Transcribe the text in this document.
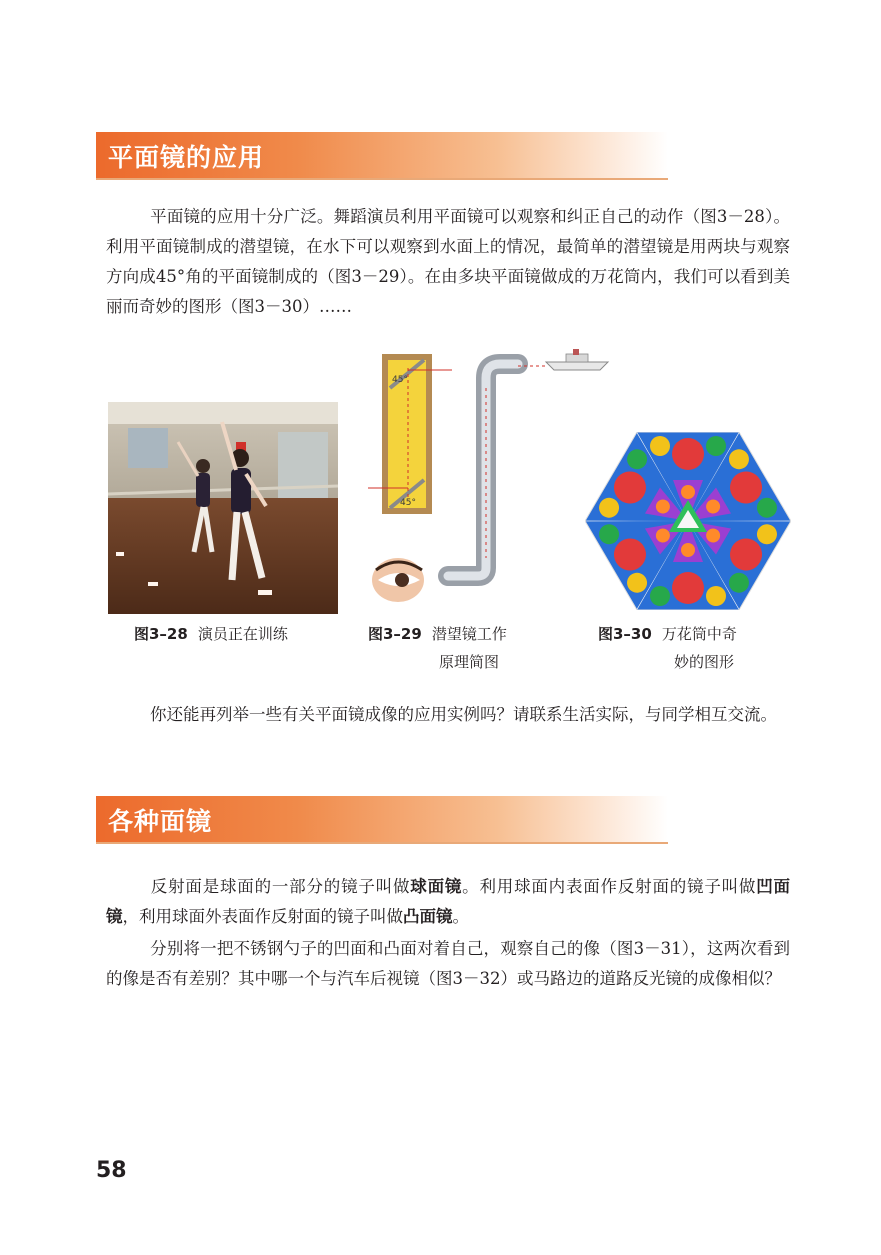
平面镜的应用

平面镜的应用十分广泛。舞蹈演员利用平面镜可以观察和纠正自己的动作（图3－28）。利用平面镜制成的潜望镜，在水下可以观察到水面上的情况，最简单的潜望镜是用两块与观察方向成45°角的平面镜制成的（图3－29）。在由多块平面镜做成的万花筒内，我们可以看到美丽而奇妙的图形（图3－30）……

45°
45°
图3–28 演员正在训练	图3–29 潜望镜工作
原理简图
图3–30 万花筒中奇
妙的图形

你还能再列举一些有关平面镜成像的应用实例吗？请联系生活实际，与同学相互交流。

各种面镜

反射面是球面的一部分的镜子叫做球面镜。利用球面内表面作反射面的镜子叫做凹面镜，利用球面外表面作反射面的镜子叫做凸面镜。

分别将一把不锈钢勺子的凹面和凸面对着自己，观察自己的像（图3－31），这两次看到的像是否有差别？其中哪一个与汽车后视镜（图3－32）或马路边的道路反光镜的成像相似？

58
